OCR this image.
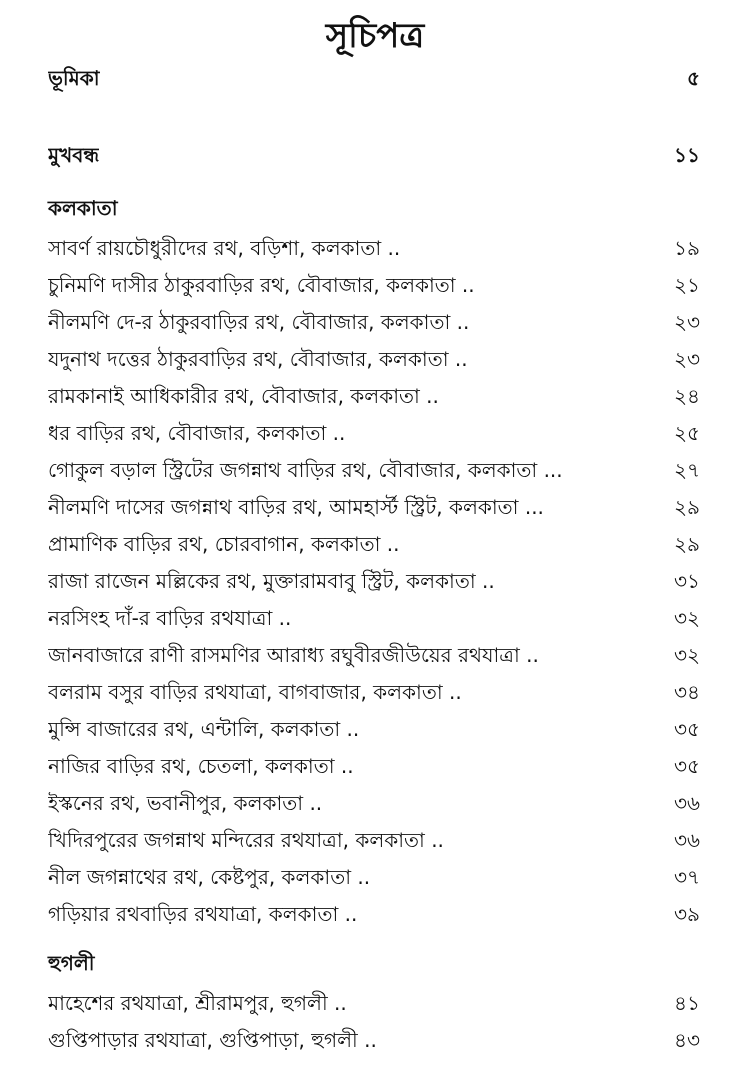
সূচিপত্র
ভূমিকা	৫
মুখবন্ধ	১১
কলকাতা
সাবর্ণ রায়চৌধুরীদের রথ, বড়িশা, কলকাতা ..	১৯
চুনিমণি দাসীর ঠাকুরবাড়ির রথ, বৌবাজার, কলকাতা ..	২১
নীলমণি দে-র ঠাকুরবাড়ির রথ, বৌবাজার, কলকাতা ..	২৩
যদুনাথ দত্তের ঠাকুরবাড়ির রথ, বৌবাজার, কলকাতা ..	২৩
রামকানাই আধিকারীর রথ, বৌবাজার, কলকাতা ..	২৪
ধর বাড়ির রথ, বৌবাজার, কলকাতা ..	২৫
গোকুল বড়াল স্ট্রিটের জগন্নাথ বাড়ির রথ, বৌবাজার, কলকাতা ...	২৭
নীলমণি দাসের জগন্নাথ বাড়ির রথ, আমহার্স্ট স্ট্রিট, কলকাতা ...	২৯
প্রামাণিক বাড়ির রথ, চোরবাগান, কলকাতা ..	২৯
রাজা রাজেন মল্লিকের রথ, মুক্তারামবাবু স্ট্রিট, কলকাতা ..	৩১
নরসিংহ দাঁ-র বাড়ির রথযাত্রা ..	৩২
জানবাজারে রাণী রাসমণির আরাধ্য রঘুবীরজীউয়ের রথযাত্রা ..	৩২
বলরাম বসুর বাড়ির রথযাত্রা, বাগবাজার, কলকাতা ..	৩৪
মুন্সি বাজারের রথ, এন্টালি, কলকাতা ..	৩৫
নাজির বাড়ির রথ, চেতলা, কলকাতা ..	৩৫
ইস্কনের রথ, ভবানীপুর, কলকাতা ..	৩৬
খিদিরপুরের জগন্নাথ মন্দিরের রথযাত্রা, কলকাতা ..	৩৬
নীল জগন্নাথের রথ, কেষ্টপুর, কলকাতা ..	৩৭
গড়িয়ার রথবাড়ির রথযাত্রা, কলকাতা ..	৩৯
হুগলী
মাহেশের রথযাত্রা, শ্রীরামপুর, হুগলী ..	৪১
গুপ্তিপাড়ার রথযাত্রা, গুপ্তিপাড়া, হুগলী ..	৪৩
